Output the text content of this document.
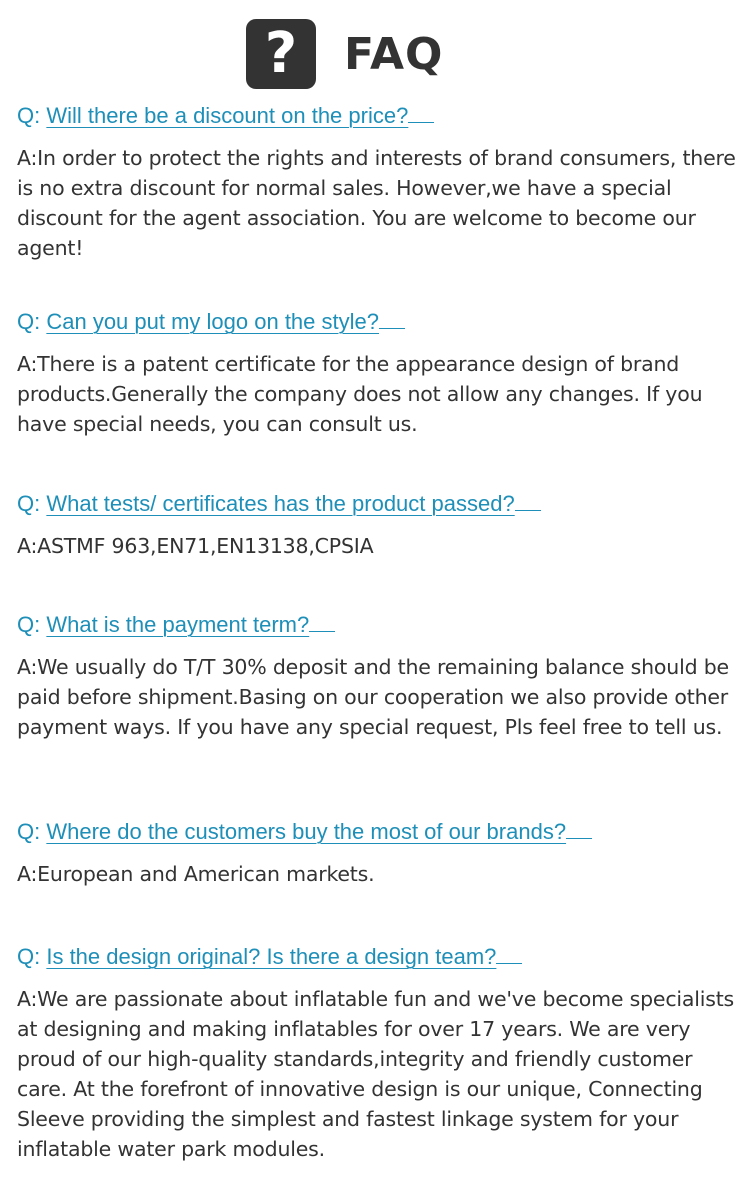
?	FAQ
Q: Will there be a discount on the price?
A:In order to protect the rights and interests of brand consumers, there is no extra discount for normal sales. However,we have a special discount for the agent association. You are welcome to become our agent!
Q: Can you put my logo on the style?
A:There is a patent certificate for the appearance design of brand products.Generally the company does not allow any changes. If you have special needs, you can consult us.
Q: What tests/ certificates has the product passed?
A:ASTMF 963,EN71,EN13138,CPSIA
Q: What is the payment term?
A:We usually do T/T 30% deposit and the remaining balance should be paid before shipment.Basing on our cooperation we also provide other payment ways. If you have any special request, Pls feel free to tell us.
Q: Where do the customers buy the most of our brands?
A:European and American markets.
Q: Is the design original? Is there a design team?
A:We are passionate about inflatable fun and we've become specialists at designing and making inflatables for over 17 years. We are very proud of our high-quality standards,integrity and friendly customer care. At the forefront of innovative design is our unique, Connecting Sleeve providing the simplest and fastest linkage system for your inflatable water park modules.
